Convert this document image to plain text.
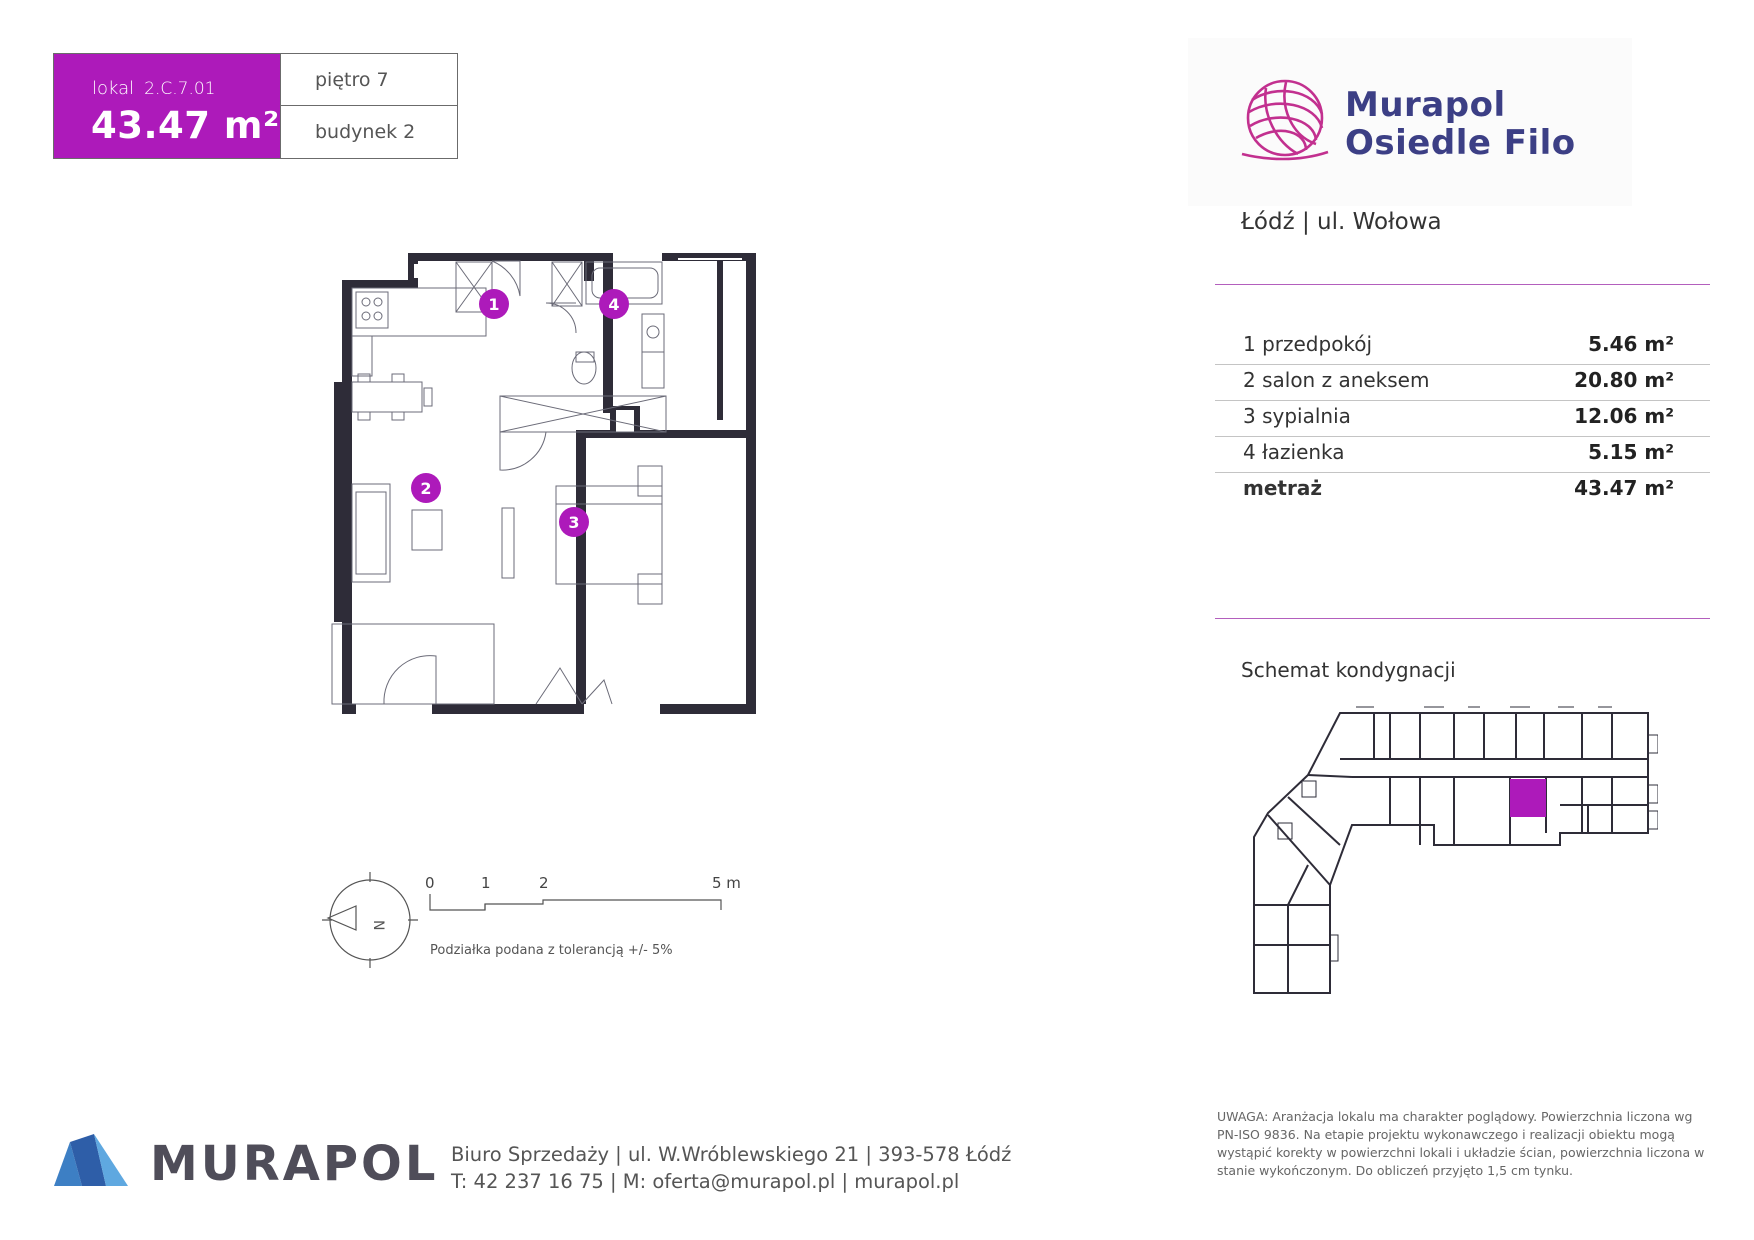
lokal 2.C.7.01
43.47 m²
piętro 7
budynek 2
Murapol
Osiedle Filo
Łódź | ul. Wołowa
1 przedpokój	5.46 m²
2 salon z aneksem	20.80 m²
3 sypialnia	12.06 m²
4 łazienka	5.15 m²
metraż	43.47 m²
Schemat kondygnacji
1
2
3
4
N
0	1	2	5 m
Podziałka podana z tolerancją +/- 5%
MURAPOL Biuro Sprzedaży | ul. W.Wróblewskiego 21 | 393-578 Łódź
T: 42 237 16 75 | M: oferta@murapol.pl | murapol.pl
UWAGA: Aranżacja lokalu ma charakter poglądowy. Powierzchnia liczona wg PN-ISO 9836. Na etapie projektu wykonawczego i realizacji obiektu mogą wystąpić korekty w powierzchni lokali i układzie ścian, powierzchnia liczona w stanie wykończonym. Do obliczeń przyjęto 1,5 cm tynku.
